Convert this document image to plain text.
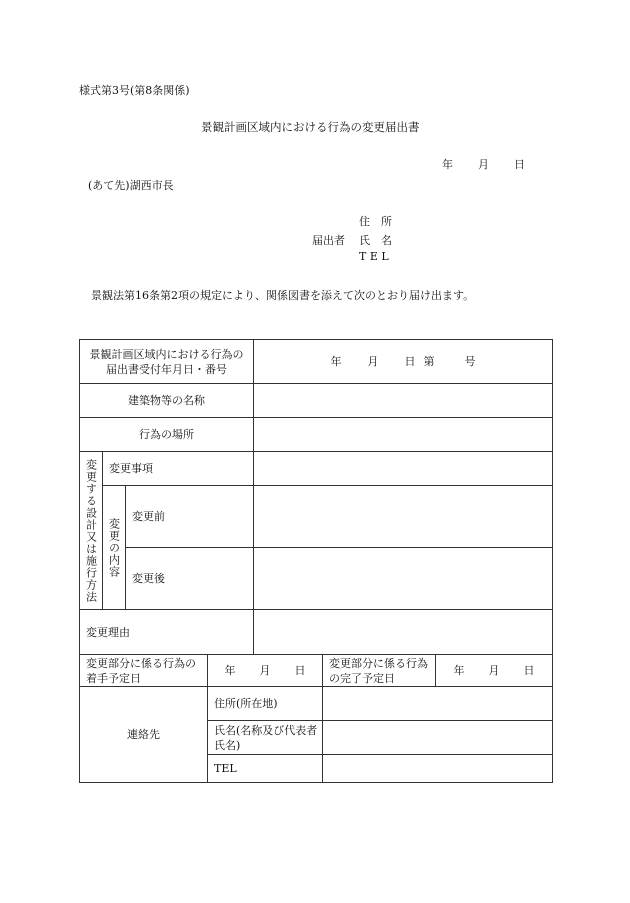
様式第3号(第8条関係)
景観計画区域内における行為の変更届出書
年 月 日
(あて先)湖西市長
住　所
届出者 氏　名
T E L
景観法第16条第2項の規定により、関係図書を添えて次のとおり届け出ます。
景観計画区域内における行為の届出書受付年月日・番号				年 月 日 第 号		
建築物等の名称						
行為の場所						
変更する設計又は施行方法	変更事項					
	変更の内容	変更前				
		変更後				
変更理由						
変更部分に係る行為の着手予定日			年 月 日		変更部分に係る行為の完了予定日	年 月 日
連絡先			住所(所在地)			
			氏名(名称及び代表者氏名)			
			TEL			
